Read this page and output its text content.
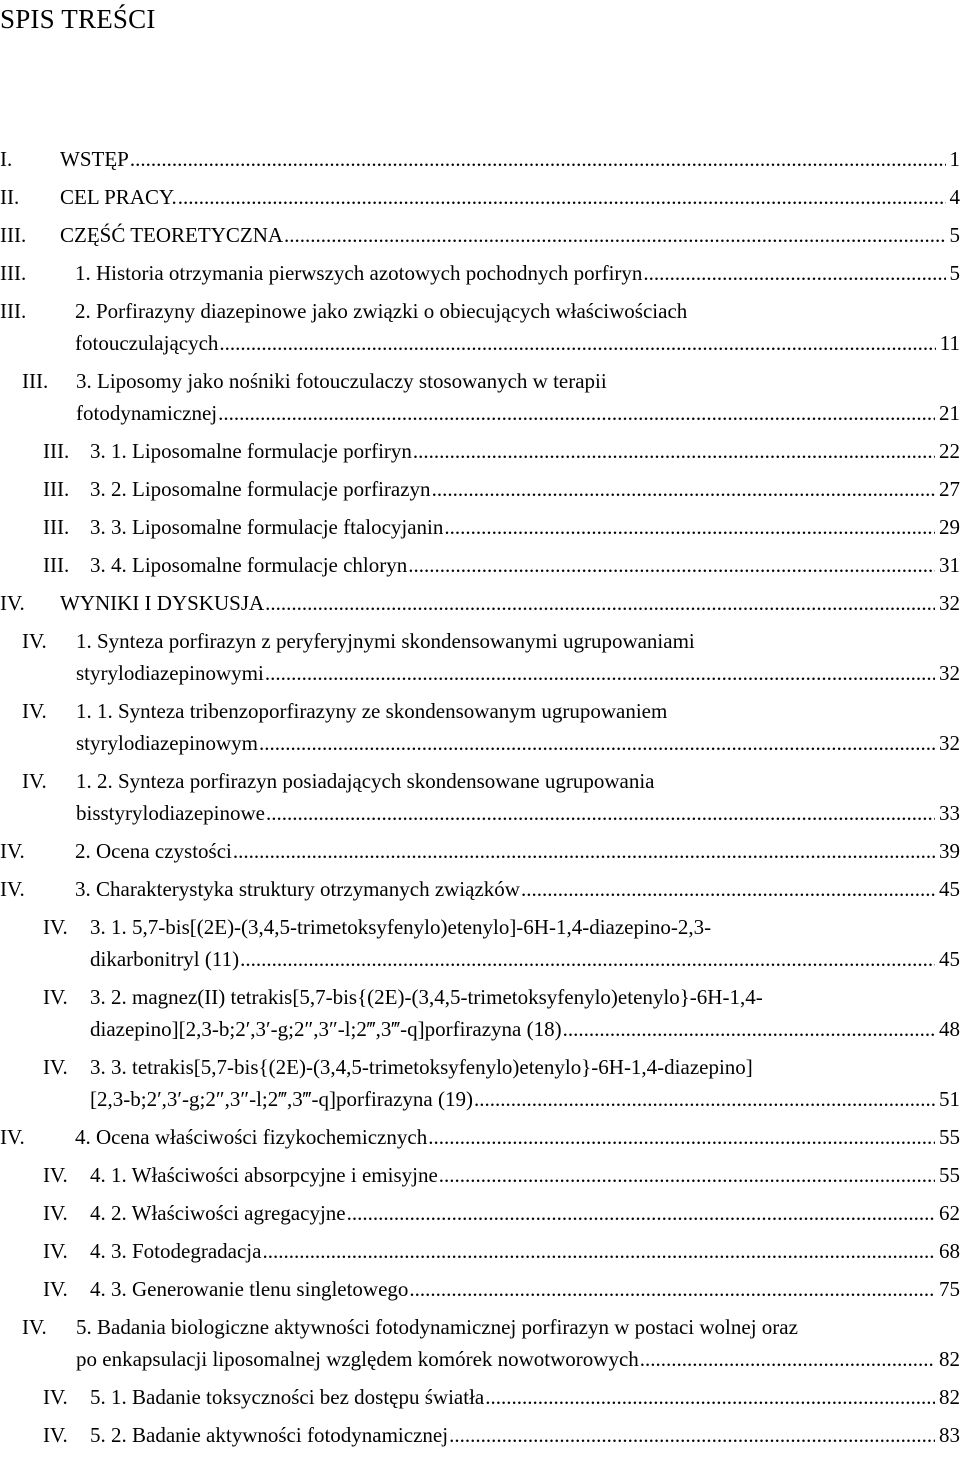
SPIS TREŚCI
I. WSTĘP .....	1
II. CEL PRACY. .....	4
III. CZĘŚĆ TEORETYCZNA .....	5
III. 1. Historia otrzymania pierwszych azotowych pochodnych porfiryn .....	5
III. 2. Porfirazyny diazepinowe jako związki o obiecujących właściwościach
fotouczulających .....	11
III. 3. Liposomy jako nośniki fotouczulaczy stosowanych w terapii
fotodynamicznej .....	21
III. 3. 1. Liposomalne formulacje porfiryn .....	22
III. 3. 2. Liposomalne formulacje porfirazyn .....	27
III. 3. 3. Liposomalne formulacje ftalocyjanin .....	29
III. 3. 4. Liposomalne formulacje chloryn .....	31
IV. WYNIKI I DYSKUSJA .....	32
IV. 1. Synteza porfirazyn z peryferyjnymi skondensowanymi ugrupowaniami
styrylodiazepinowymi .....	32
IV. 1. 1. Synteza tribenzoporfirazyny ze skondensowanym ugrupowaniem
styrylodiazepinowym .....	32
IV. 1. 2. Synteza porfirazyn posiadających skondensowane ugrupowania
bisstyrylodiazepinowe .....	33
IV. 2. Ocena czystości .....	39
IV. 3. Charakterystyka struktury otrzymanych związków .....	45
IV. 3. 1. 5,7-bis[(2E)-(3,4,5-trimetoksyfenylo)etenylo]-6H-1,4-diazepino-2,3-
dikarbonitryl (11) .....	45
IV. 3. 2. magnez(II) tetrakis[5,7-bis{(2E)-(3,4,5-trimetoksyfenylo)etenylo}-6H-1,4-
diazepino][2,3-b;2′,3′-g;2″,3″-l;2‴,3‴-q]porfirazyna (18) .....	48
IV. 3. 3. tetrakis[5,7-bis{(2E)-(3,4,5-trimetoksyfenylo)etenylo}-6H-1,4-diazepino]
[2,3-b;2′,3′-g;2″,3″-l;2‴,3‴-q]porfirazyna (19) .....	51
IV. 4. Ocena właściwości fizykochemicznych .....	55
IV. 4. 1. Właściwości absorpcyjne i emisyjne .....	55
IV. 4. 2. Właściwości agregacyjne .....	62
IV. 4. 3. Fotodegradacja .....	68
IV. 4. 3. Generowanie tlenu singletowego .....	75
IV. 5. Badania biologiczne aktywności fotodynamicznej porfirazyn w postaci wolnej oraz
po enkapsulacji liposomalnej względem komórek nowotworowych .....	82
IV. 5. 1. Badanie toksyczności bez dostępu światła .....	82
IV. 5. 2. Badanie aktywności fotodynamicznej .....	83
